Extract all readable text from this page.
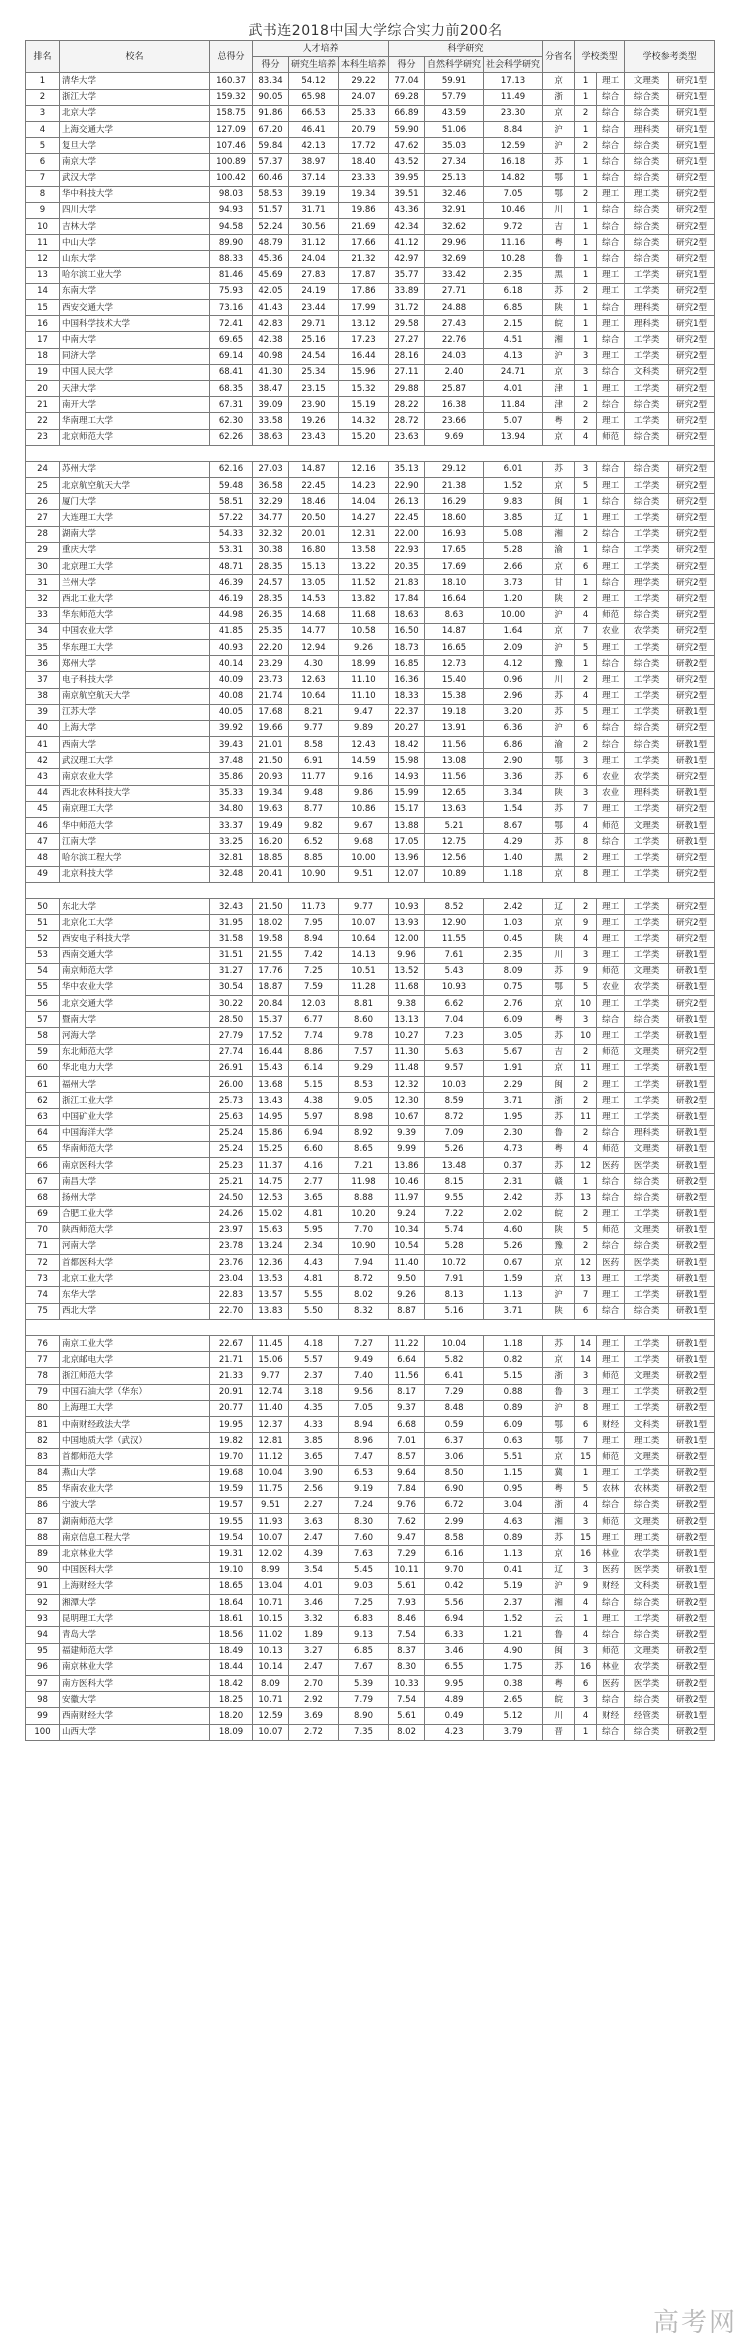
武书连2018中国大学综合实力前200名
排名	校名	总得分	人才培养			科学研究			分省名	学校类型		学校参考类型	
			得分	研究生培养	本科生培养	得分	自然科学研究	社会科学研究					
1	清华大学	160.37	83.34	54.12	29.22	77.04	59.91	17.13	京	1	理工	文理类	研究1型
2	浙江大学	159.32	90.05	65.98	24.07	69.28	57.79	11.49	浙	1	综合	综合类	研究1型
3	北京大学	158.75	91.86	66.53	25.33	66.89	43.59	23.30	京	2	综合	综合类	研究1型
4	上海交通大学	127.09	67.20	46.41	20.79	59.90	51.06	8.84	沪	1	综合	理科类	研究1型
5	复旦大学	107.46	59.84	42.13	17.72	47.62	35.03	12.59	沪	2	综合	综合类	研究1型
6	南京大学	100.89	57.37	38.97	18.40	43.52	27.34	16.18	苏	1	综合	综合类	研究1型
7	武汉大学	100.42	60.46	37.14	23.33	39.95	25.13	14.82	鄂	1	综合	综合类	研究2型
8	华中科技大学	98.03	58.53	39.19	19.34	39.51	32.46	7.05	鄂	2	理工	理工类	研究2型
9	四川大学	94.93	51.57	31.71	19.86	43.36	32.91	10.46	川	1	综合	综合类	研究2型
10	吉林大学	94.58	52.24	30.56	21.69	42.34	32.62	9.72	吉	1	综合	综合类	研究2型
11	中山大学	89.90	48.79	31.12	17.66	41.12	29.96	11.16	粤	1	综合	综合类	研究2型
12	山东大学	88.33	45.36	24.04	21.32	42.97	32.69	10.28	鲁	1	综合	综合类	研究2型
13	哈尔滨工业大学	81.46	45.69	27.83	17.87	35.77	33.42	2.35	黑	1	理工	工学类	研究1型
14	东南大学	75.93	42.05	24.19	17.86	33.89	27.71	6.18	苏	2	理工	工学类	研究2型
15	西安交通大学	73.16	41.43	23.44	17.99	31.72	24.88	6.85	陕	1	综合	理科类	研究2型
16	中国科学技术大学	72.41	42.83	29.71	13.12	29.58	27.43	2.15	皖	1	理工	理科类	研究1型
17	中南大学	69.65	42.38	25.16	17.23	27.27	22.76	4.51	湘	1	综合	工学类	研究2型
18	同济大学	69.14	40.98	24.54	16.44	28.16	24.03	4.13	沪	3	理工	工学类	研究2型
19	中国人民大学	68.41	41.30	25.34	15.96	27.11	2.40	24.71	京	3	综合	文科类	研究2型
20	天津大学	68.35	38.47	23.15	15.32	29.88	25.87	4.01	津	1	理工	工学类	研究2型
21	南开大学	67.31	39.09	23.90	15.19	28.22	16.38	11.84	津	2	综合	综合类	研究2型
22	华南理工大学	62.30	33.58	19.26	14.32	28.72	23.66	5.07	粤	2	理工	工学类	研究2型
23	北京师范大学	62.26	38.63	23.43	15.20	23.63	9.69	13.94	京	4	师范	综合类	研究2型

24	苏州大学	62.16	27.03	14.87	12.16	35.13	29.12	6.01	苏	3	综合	综合类	研究2型
25	北京航空航天大学	59.48	36.58	22.45	14.23	22.90	21.38	1.52	京	5	理工	工学类	研究2型
26	厦门大学	58.51	32.29	18.46	14.04	26.13	16.29	9.83	闽	1	综合	综合类	研究2型
27	大连理工大学	57.22	34.77	20.50	14.27	22.45	18.60	3.85	辽	1	理工	工学类	研究2型
28	湖南大学	54.33	32.32	20.01	12.31	22.00	16.93	5.08	湘	2	综合	工学类	研究2型
29	重庆大学	53.31	30.38	16.80	13.58	22.93	17.65	5.28	渝	1	综合	工学类	研究2型
30	北京理工大学	48.71	28.35	15.13	13.22	20.35	17.69	2.66	京	6	理工	工学类	研究2型
31	兰州大学	46.39	24.57	13.05	11.52	21.83	18.10	3.73	甘	1	综合	理学类	研究2型
32	西北工业大学	46.19	28.35	14.53	13.82	17.84	16.64	1.20	陕	2	理工	工学类	研究2型
33	华东师范大学	44.98	26.35	14.68	11.68	18.63	8.63	10.00	沪	4	师范	综合类	研究2型
34	中国农业大学	41.85	25.35	14.77	10.58	16.50	14.87	1.64	京	7	农业	农学类	研究2型
35	华东理工大学	40.93	22.20	12.94	9.26	18.73	16.65	2.09	沪	5	理工	工学类	研究2型
36	郑州大学	40.14	23.29	4.30	18.99	16.85	12.73	4.12	豫	1	综合	综合类	研教2型
37	电子科技大学	40.09	23.73	12.63	11.10	16.36	15.40	0.96	川	2	理工	工学类	研究2型
38	南京航空航天大学	40.08	21.74	10.64	11.10	18.33	15.38	2.96	苏	4	理工	工学类	研究2型
39	江苏大学	40.05	17.68	8.21	9.47	22.37	19.18	3.20	苏	5	理工	工学类	研教1型
40	上海大学	39.92	19.66	9.77	9.89	20.27	13.91	6.36	沪	6	综合	综合类	研究2型
41	西南大学	39.43	21.01	8.58	12.43	18.42	11.56	6.86	渝	2	综合	综合类	研教1型
42	武汉理工大学	37.48	21.50	6.91	14.59	15.98	13.08	2.90	鄂	3	理工	工学类	研教1型
43	南京农业大学	35.86	20.93	11.77	9.16	14.93	11.56	3.36	苏	6	农业	农学类	研究2型
44	西北农林科技大学	35.33	19.34	9.48	9.86	15.99	12.65	3.34	陕	3	农业	理科类	研教1型
45	南京理工大学	34.80	19.63	8.77	10.86	15.17	13.63	1.54	苏	7	理工	工学类	研究2型
46	华中师范大学	33.37	19.49	9.82	9.67	13.88	5.21	8.67	鄂	4	师范	文理类	研教1型
47	江南大学	33.25	16.20	6.52	9.68	17.05	12.75	4.29	苏	8	综合	工学类	研教1型
48	哈尔滨工程大学	32.81	18.85	8.85	10.00	13.96	12.56	1.40	黑	2	理工	工学类	研究2型
49	北京科技大学	32.48	20.41	10.90	9.51	12.07	10.89	1.18	京	8	理工	工学类	研究2型

50	东北大学	32.43	21.50	11.73	9.77	10.93	8.52	2.42	辽	2	理工	工学类	研究2型
51	北京化工大学	31.95	18.02	7.95	10.07	13.93	12.90	1.03	京	9	理工	工学类	研究2型
52	西安电子科技大学	31.58	19.58	8.94	10.64	12.00	11.55	0.45	陕	4	理工	工学类	研究2型
53	西南交通大学	31.51	21.55	7.42	14.13	9.96	7.61	2.35	川	3	理工	工学类	研教1型
54	南京师范大学	31.27	17.76	7.25	10.51	13.52	5.43	8.09	苏	9	师范	文理类	研教1型
55	华中农业大学	30.54	18.87	7.59	11.28	11.68	10.93	0.75	鄂	5	农业	农学类	研教1型
56	北京交通大学	30.22	20.84	12.03	8.81	9.38	6.62	2.76	京	10	理工	工学类	研究2型
57	暨南大学	28.50	15.37	6.77	8.60	13.13	7.04	6.09	粤	3	综合	综合类	研教1型
58	河海大学	27.79	17.52	7.74	9.78	10.27	7.23	3.05	苏	10	理工	工学类	研教1型
59	东北师范大学	27.74	16.44	8.86	7.57	11.30	5.63	5.67	吉	2	师范	文理类	研究2型
60	华北电力大学	26.91	15.43	6.14	9.29	11.48	9.57	1.91	京	11	理工	工学类	研教1型
61	福州大学	26.00	13.68	5.15	8.53	12.32	10.03	2.29	闽	2	理工	工学类	研教1型
62	浙江工业大学	25.73	13.43	4.38	9.05	12.30	8.59	3.71	浙	2	理工	工学类	研教2型
63	中国矿业大学	25.63	14.95	5.97	8.98	10.67	8.72	1.95	苏	11	理工	工学类	研教1型
64	中国海洋大学	25.24	15.86	6.94	8.92	9.39	7.09	2.30	鲁	2	综合	理科类	研教1型
65	华南师范大学	25.24	15.25	6.60	8.65	9.99	5.26	4.73	粤	4	师范	文理类	研教1型
66	南京医科大学	25.23	11.37	4.16	7.21	13.86	13.48	0.37	苏	12	医药	医学类	研教1型
67	南昌大学	25.21	14.75	2.77	11.98	10.46	8.15	2.31	赣	1	综合	综合类	研教2型
68	扬州大学	24.50	12.53	3.65	8.88	11.97	9.55	2.42	苏	13	综合	综合类	研教2型
69	合肥工业大学	24.26	15.02	4.81	10.20	9.24	7.22	2.02	皖	2	理工	工学类	研教1型
70	陕西师范大学	23.97	15.63	5.95	7.70	10.34	5.74	4.60	陕	5	师范	文理类	研教1型
71	河南大学	23.78	13.24	2.34	10.90	10.54	5.28	5.26	豫	2	综合	综合类	研教2型
72	首都医科大学	23.76	12.36	4.43	7.94	11.40	10.72	0.67	京	12	医药	医学类	研教1型
73	北京工业大学	23.04	13.53	4.81	8.72	9.50	7.91	1.59	京	13	理工	工学类	研教1型
74	东华大学	22.83	13.57	5.55	8.02	9.26	8.13	1.13	沪	7	理工	工学类	研教1型
75	西北大学	22.70	13.83	5.50	8.32	8.87	5.16	3.71	陕	6	综合	综合类	研教1型

76	南京工业大学	22.67	11.45	4.18	7.27	11.22	10.04	1.18	苏	14	理工	工学类	研教1型
77	北京邮电大学	21.71	15.06	5.57	9.49	6.64	5.82	0.82	京	14	理工	工学类	研教1型
78	浙江师范大学	21.33	9.77	2.37	7.40	11.56	6.41	5.15	浙	3	师范	文理类	研教2型
79	中国石油大学（华东）	20.91	12.74	3.18	9.56	8.17	7.29	0.88	鲁	3	理工	工学类	研教2型
80	上海理工大学	20.77	11.40	4.35	7.05	9.37	8.48	0.89	沪	8	理工	工学类	研教2型
81	中南财经政法大学	19.95	12.37	4.33	8.94	6.68	0.59	6.09	鄂	6	财经	文科类	研教1型
82	中国地质大学（武汉）	19.82	12.81	3.85	8.96	7.01	6.37	0.63	鄂	7	理工	理工类	研教1型
83	首都师范大学	19.70	11.12	3.65	7.47	8.57	3.06	5.51	京	15	师范	文理类	研教2型
84	燕山大学	19.68	10.04	3.90	6.53	9.64	8.50	1.15	冀	1	理工	工学类	研教2型
85	华南农业大学	19.59	11.75	2.56	9.19	7.84	6.90	0.95	粤	5	农林	农林类	研教2型
86	宁波大学	19.57	9.51	2.27	7.24	9.76	6.72	3.04	浙	4	综合	综合类	研教2型
87	湖南师范大学	19.55	11.93	3.63	8.30	7.62	2.99	4.63	湘	3	师范	文理类	研教2型
88	南京信息工程大学	19.54	10.07	2.47	7.60	9.47	8.58	0.89	苏	15	理工	理工类	研教2型
89	北京林业大学	19.31	12.02	4.39	7.63	7.29	6.16	1.13	京	16	林业	农学类	研教1型
90	中国医科大学	19.10	8.99	3.54	5.45	10.11	9.70	0.41	辽	3	医药	医学类	研教1型
91	上海财经大学	18.65	13.04	4.01	9.03	5.61	0.42	5.19	沪	9	财经	文科类	研教1型
92	湘潭大学	18.64	10.71	3.46	7.25	7.93	5.56	2.37	湘	4	综合	综合类	研教2型
93	昆明理工大学	18.61	10.15	3.32	6.83	8.46	6.94	1.52	云	1	理工	工学类	研教2型
94	青岛大学	18.56	11.02	1.89	9.13	7.54	6.33	1.21	鲁	4	综合	综合类	研教2型
95	福建师范大学	18.49	10.13	3.27	6.85	8.37	3.46	4.90	闽	3	师范	文理类	研教2型
96	南京林业大学	18.44	10.14	2.47	7.67	8.30	6.55	1.75	苏	16	林业	农学类	研教2型
97	南方医科大学	18.42	8.09	2.70	5.39	10.33	9.95	0.38	粤	6	医药	医学类	研教2型
98	安徽大学	18.25	10.71	2.92	7.79	7.54	4.89	2.65	皖	3	综合	综合类	研教2型
99	西南财经大学	18.20	12.59	3.69	8.90	5.61	0.49	5.12	川	4	财经	经管类	研教1型
100	山西大学	18.09	10.07	2.72	7.35	8.02	4.23	3.79	晋	1	综合	综合类	研教2型
高考网
